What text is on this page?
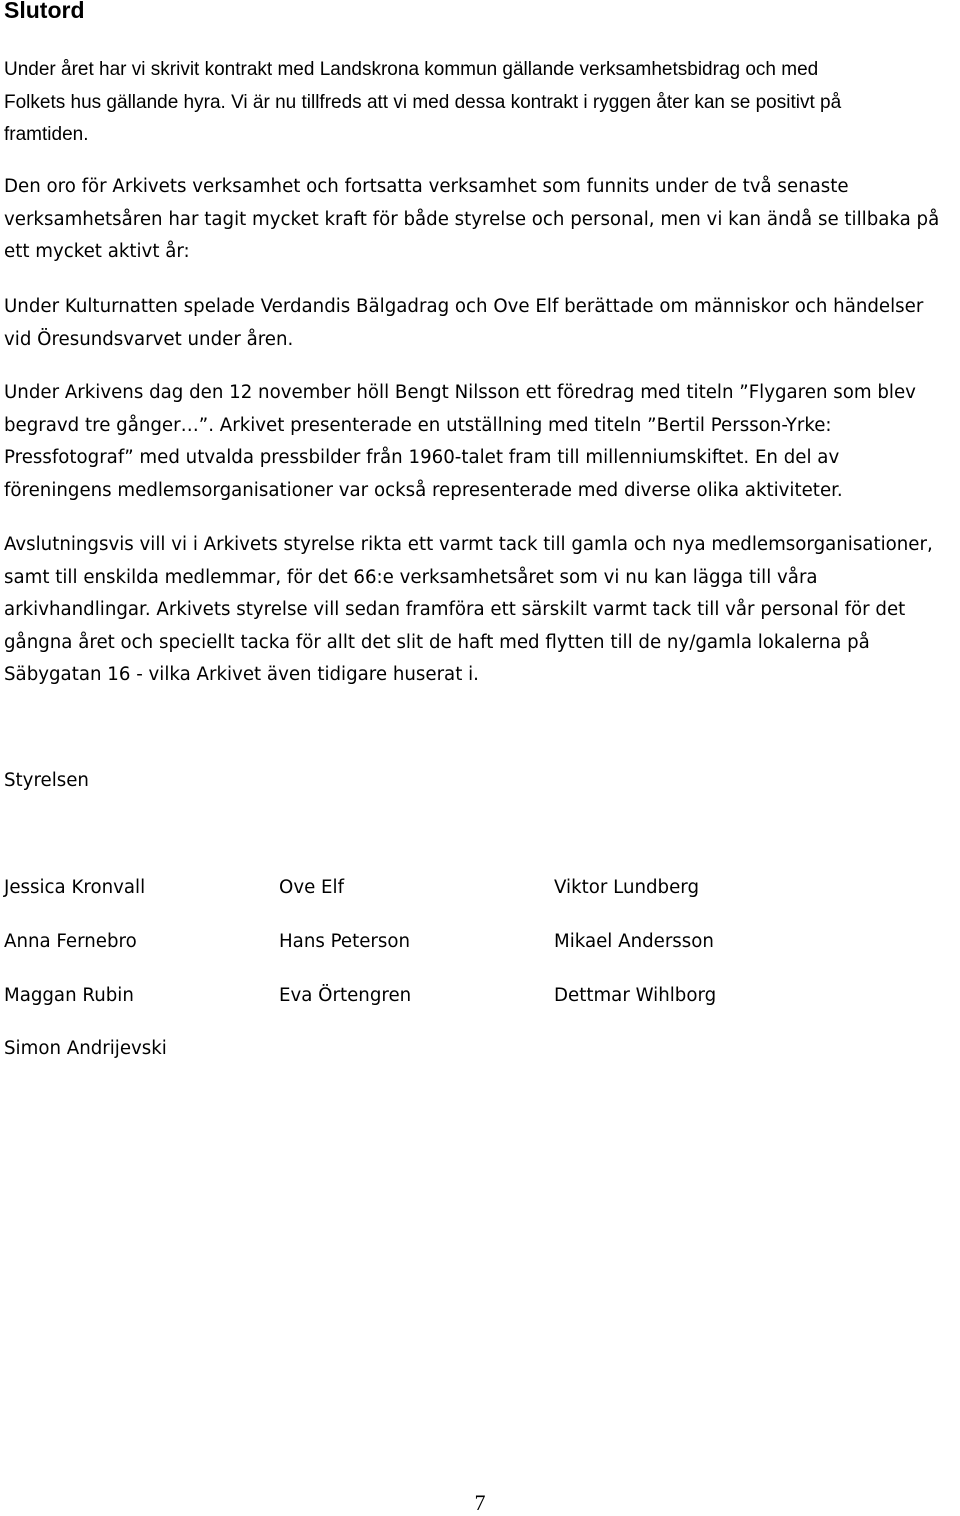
Slutord

Under året har vi skrivit kontrakt med Landskrona kommun gällande verksamhetsbidrag och med
Folkets hus gällande hyra. Vi är nu tillfreds att vi med dessa kontrakt i ryggen åter kan se positivt på
framtiden.

Den oro för Arkivets verksamhet och fortsatta verksamhet som funnits under de två senaste
verksamhetsåren har tagit mycket kraft för både styrelse och personal, men vi kan ändå se tillbaka på
ett mycket aktivt år:

Under Kulturnatten spelade Verdandis Bälgadrag och Ove Elf berättade om människor och händelser
vid Öresundsvarvet under åren.

Under Arkivens dag den 12 november höll Bengt Nilsson ett föredrag med titeln ”Flygaren som blev
begravd tre gånger…”. Arkivet presenterade en utställning med titeln ”Bertil Persson-Yrke:
Pressfotograf” med utvalda pressbilder från 1960-talet fram till millenniumskiftet. En del av
föreningens medlemsorganisationer var också representerade med diverse olika aktiviteter.

Avslutningsvis vill vi i Arkivets styrelse rikta ett varmt tack till gamla och nya medlemsorganisationer,
samt till enskilda medlemmar, för det 66:e verksamhetsåret som vi nu kan lägga till våra
arkivhandlingar. Arkivets styrelse vill sedan framföra ett särskilt varmt tack till vår personal för det
gångna året och speciellt tacka för allt det slit de haft med flytten till de ny/gamla lokalerna på
Säbygatan 16 - vilka Arkivet även tidigare huserat i.

Styrelsen
Jessica Kronvall	Ove Elf	Viktor Lundberg
Anna Fernebro	Hans Peterson	Mikael Andersson
Maggan Rubin	Eva Örtengren	Dettmar Wihlborg
Simon Andrijevski
7
